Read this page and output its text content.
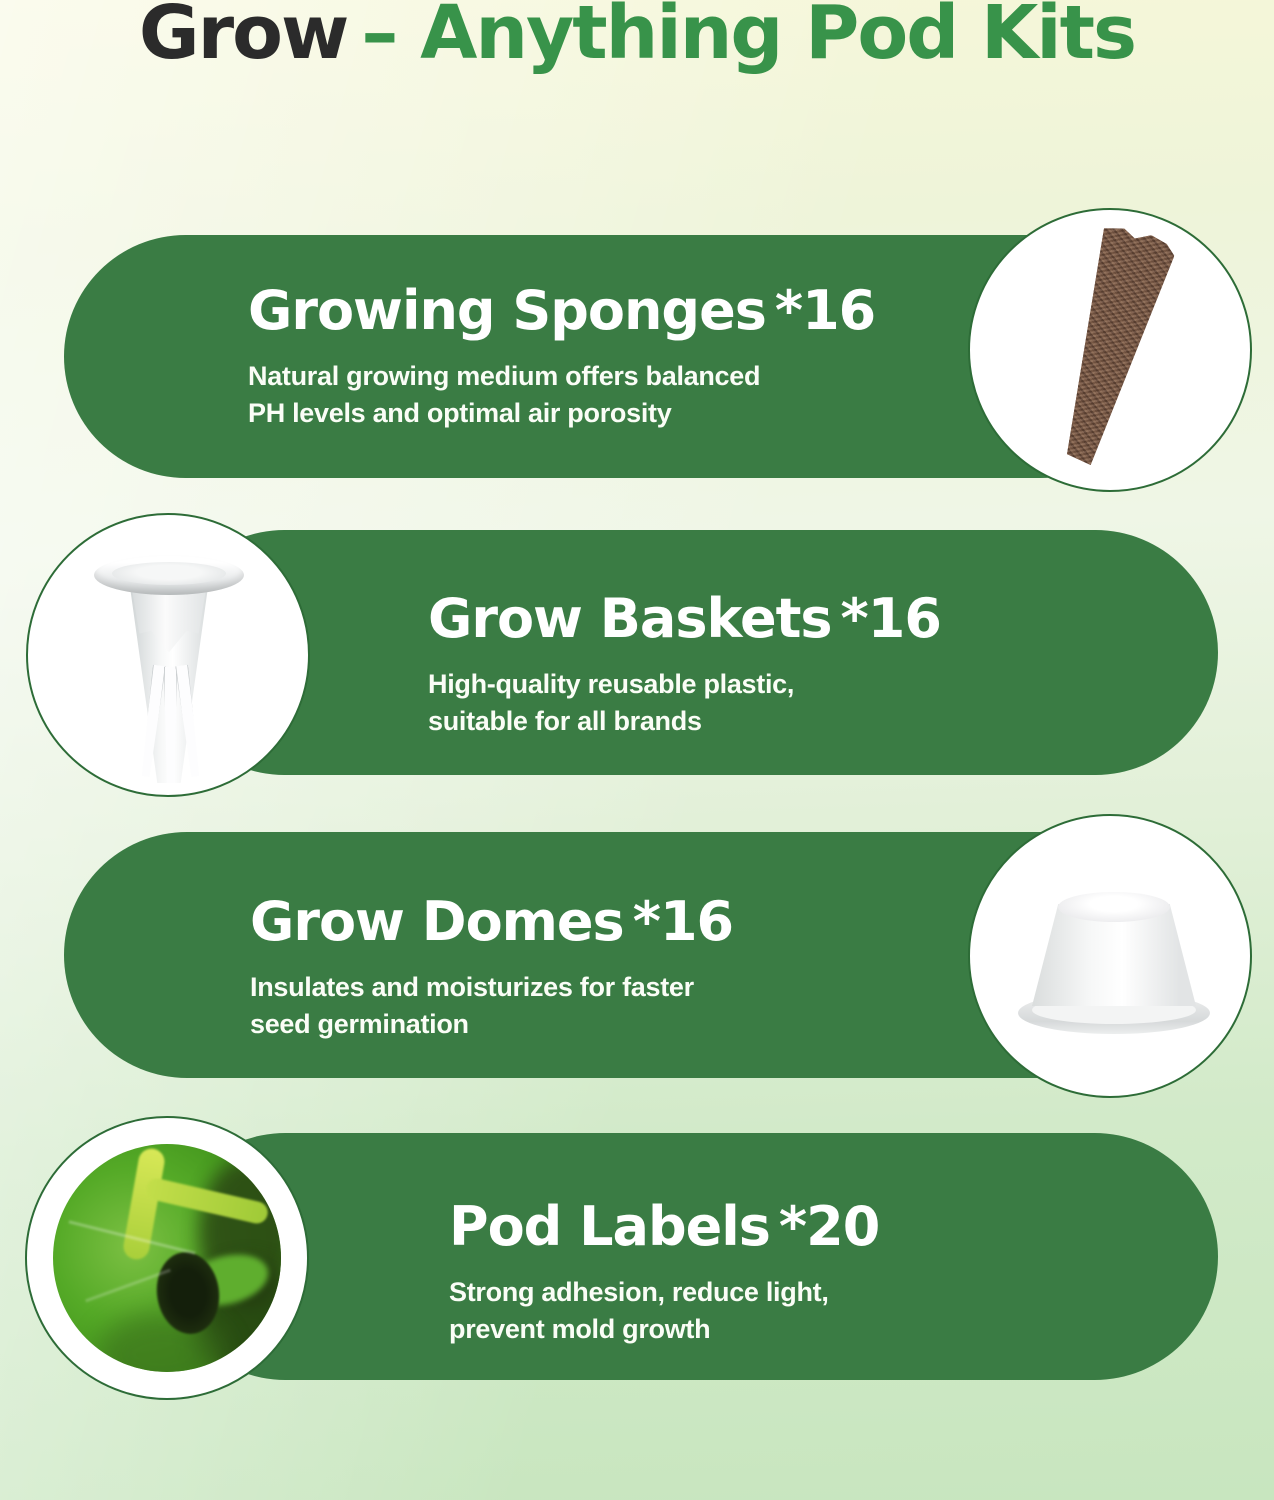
Grow – Anything Pod Kits
Growing Sponges *16

Natural growing medium offers balanced
PH levels and optimal air porosity

Grow Baskets *16

High-quality reusable plastic,
suitable for all brands

Grow Domes *16

Insulates and moisturizes for faster
seed germination

Pod Labels *20

Strong adhesion, reduce light,
prevent mold growth
